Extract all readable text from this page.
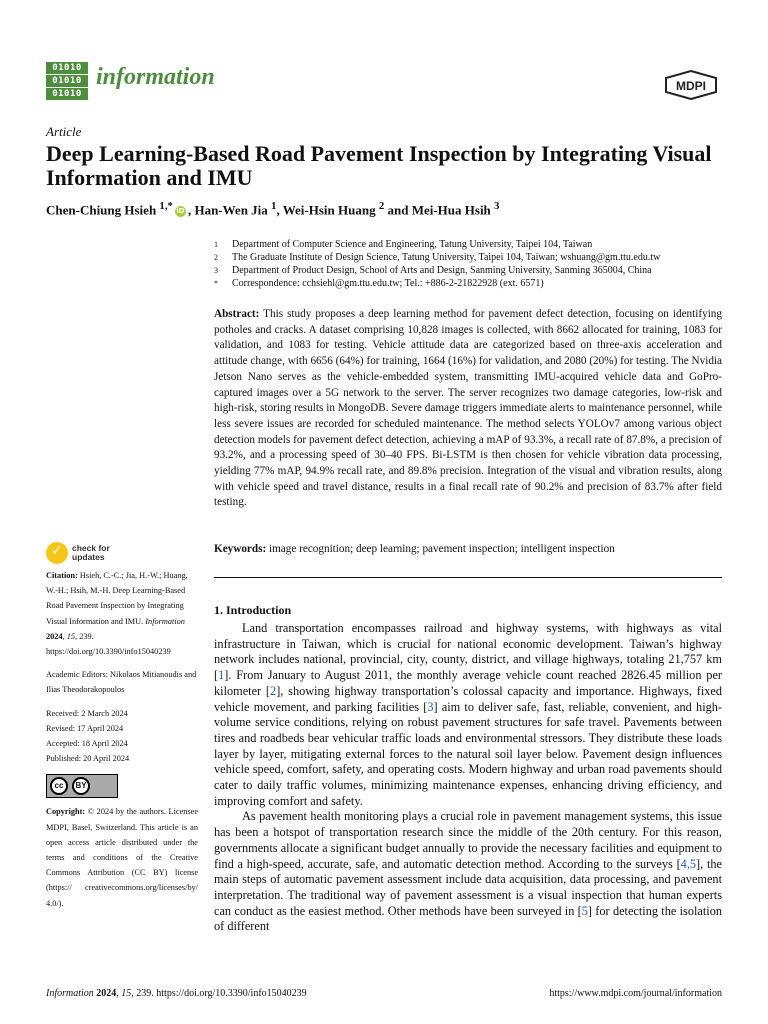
01010
01010
01010
information	MDPI
Article
Deep Learning-Based Road Pavement Inspection by Integrating Visual Information and IMU
Chen-Chiung Hsieh $^{1,*}$ iD , Han-Wen Jia $^1$, Wei-Hsin Huang $^2$ and Mei-Hua Hsih $^3$
1	Department of Computer Science and Engineering, Tatung University, Taipei 104, Taiwan
2	The Graduate Institute of Design Science, Tatung University, Taipei 104, Taiwan; wshuang@gm.ttu.edu.tw
3	Department of Product Design, School of Arts and Design, Sanming University, Sanming 365004, China
*	Correspondence: cchsiehl@gm.ttu.edu.tw; Tel.: +886-2-21822928 (ext. 6571)
Abstract: This study proposes a deep learning method for pavement defect detection, focusing on identifying potholes and cracks. A dataset comprising 10,828 images is collected, with 8662 allocated for training, 1083 for validation, and 1083 for testing. Vehicle attitude data are categorized based on three-axis acceleration and attitude change, with 6656 (64%) for training, 1664 (16%) for validation, and 2080 (20%) for testing. The Nvidia Jetson Nano serves as the vehicle-embedded system, transmitting IMU-acquired vehicle data and GoPro-captured images over a 5G network to the server. The server recognizes two damage categories, low-risk and high-risk, storing results in MongoDB. Severe damage triggers immediate alerts to maintenance personnel, while less severe issues are recorded for scheduled maintenance. The method selects YOLOv7 among various object detection models for pavement defect detection, achieving a mAP of 93.3%, a recall rate of 87.8%, a precision of 93.2%, and a processing speed of 30–40 FPS. Bi-LSTM is then chosen for vehicle vibration data processing, yielding 77% mAP, 94.9% recall rate, and 89.8% precision. Integration of the visual and vibration results, along with vehicle speed and travel distance, results in a final recall rate of 90.2% and precision of 83.7% after field testing.
Keywords: image recognition; deep learning; pavement inspection; intelligent inspection
1. Introduction

Land transportation encompasses railroad and highway systems, with highways as vital infrastructure in Taiwan, which is crucial for national economic development. Taiwan’s highway network includes national, provincial, city, county, district, and village highways, totaling 21,757 km [1]. From January to August 2011, the monthly average vehicle count reached 2826.45 million per kilometer [2], showing highway transportation’s colossal capacity and importance. Highways, fixed vehicle movement, and parking facilities [3] aim to deliver safe, fast, reliable, convenient, and high-volume service conditions, relying on robust pavement structures for safe travel. Pavements between tires and roadbeds bear vehicular traffic loads and environmental stressors. They distribute these loads layer by layer, mitigating external forces to the natural soil layer below. Pavement design influences vehicle speed, comfort, safety, and operating costs. Modern highway and urban road pavements should cater to daily traffic volumes, minimizing maintenance expenses, enhancing driving efficiency, and improving comfort and safety.

As pavement health monitoring plays a crucial role in pavement management systems, this issue has been a hotspot of transportation research since the middle of the 20th century. For this reason, governments allocate a significant budget annually to provide the necessary facilities and equipment to find a high-speed, accurate, safe, and automatic detection method. According to the surveys [4,5], the main steps of automatic pavement assessment include data acquisition, data processing, and pavement interpretation. The traditional way of pavement assessment is a visual inspection that human experts can conduct as the easiest method. Other methods have been surveyed in [5] for detecting the isolation of different

✓
check for
updates
Citation: Hsieh, C.-C.; Jia, H.-W.; Huang, W.-H.; Hsih, M.-H. Deep Learning-Based Road Pavement Inspection by Integrating Visual Information and IMU. Information 2024, 15, 239. https://doi.org/10.3390/info15040239
Academic Editors: Nikolaos Mitianoudis and Ilias Theodorakopoulos
Received: 2 March 2024
Revised: 17 April 2024
Accepted: 18 April 2024
Published: 20 April 2024
cc	BY
Copyright: © 2024 by the authors. Licensee MDPI, Basel, Switzerland. This article is an open access article distributed under the terms and conditions of the Creative Commons Attribution (CC BY) license (https:// creativecommons.org/licenses/by/ 4.0/).
Information 2024, 15, 239. https://doi.org/10.3390/info15040239	https://www.mdpi.com/journal/information
